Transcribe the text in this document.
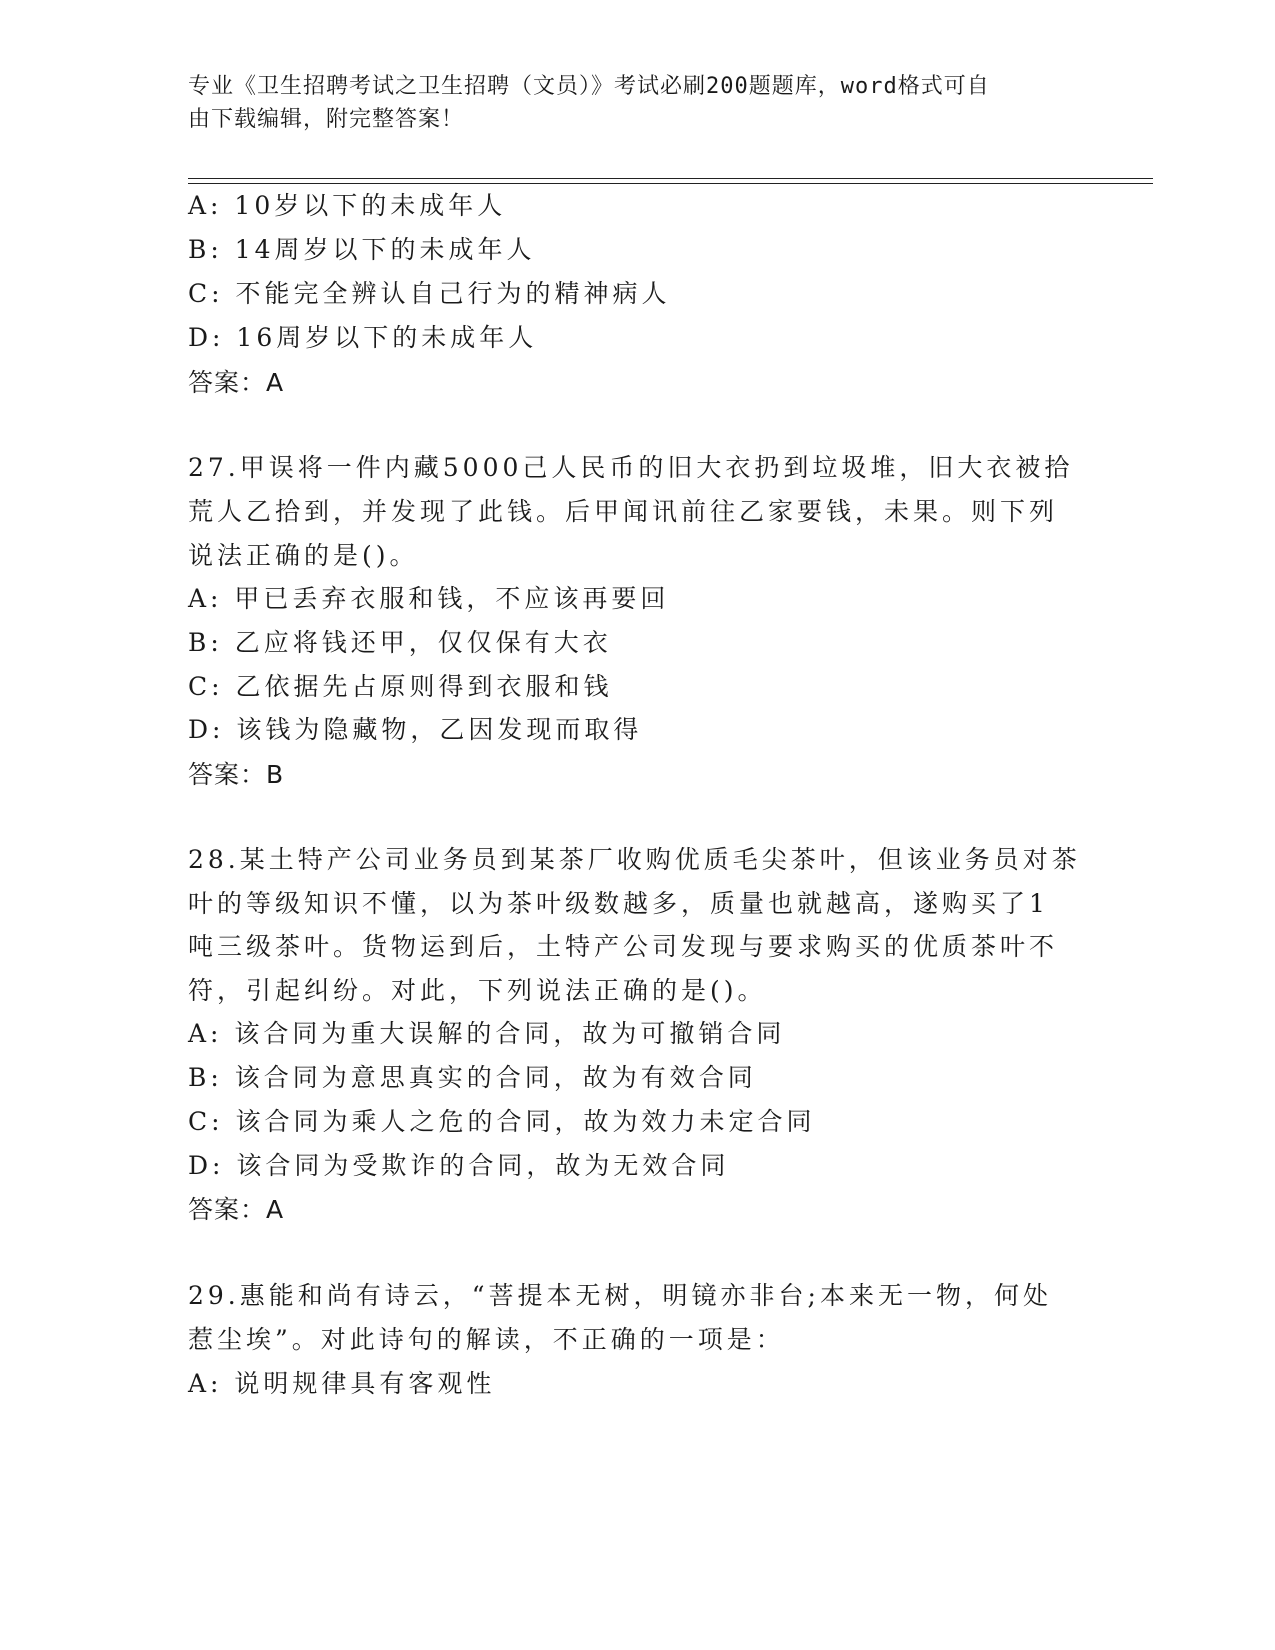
专业《卫生招聘考试之卫生招聘（文员）》考试必刷200题题库，word格式可自
由下载编辑，附完整答案！
A: 10岁以下的未成年人
B: 14周岁以下的未成年人
C: 不能完全辨认自己行为的精神病人
D: 16周岁以下的未成年人
答案：A
27.甲误将一件内藏5000己人民币的旧大衣扔到垃圾堆，旧大衣被拾
荒人乙拾到，并发现了此钱。后甲闻讯前往乙家要钱，未果。则下列
说法正确的是()。
A: 甲已丢弃衣服和钱，不应该再要回
B: 乙应将钱还甲，仅仅保有大衣
C: 乙依据先占原则得到衣服和钱
D: 该钱为隐藏物，乙因发现而取得
答案：B
28.某土特产公司业务员到某茶厂收购优质毛尖茶叶，但该业务员对茶
叶的等级知识不懂，以为茶叶级数越多，质量也就越高，遂购买了1
吨三级茶叶。货物运到后，土特产公司发现与要求购买的优质茶叶不
符，引起纠纷。对此，下列说法正确的是()。
A: 该合同为重大误解的合同，故为可撤销合同
B: 该合同为意思真实的合同，故为有效合同
C: 该合同为乘人之危的合同，故为效力未定合同
D: 该合同为受欺诈的合同，故为无效合同
答案：A
29.惠能和尚有诗云，“菩提本无树，明镜亦非台;本来无一物，何处
惹尘埃”。对此诗句的解读，不正确的一项是：
A: 说明规律具有客观性
